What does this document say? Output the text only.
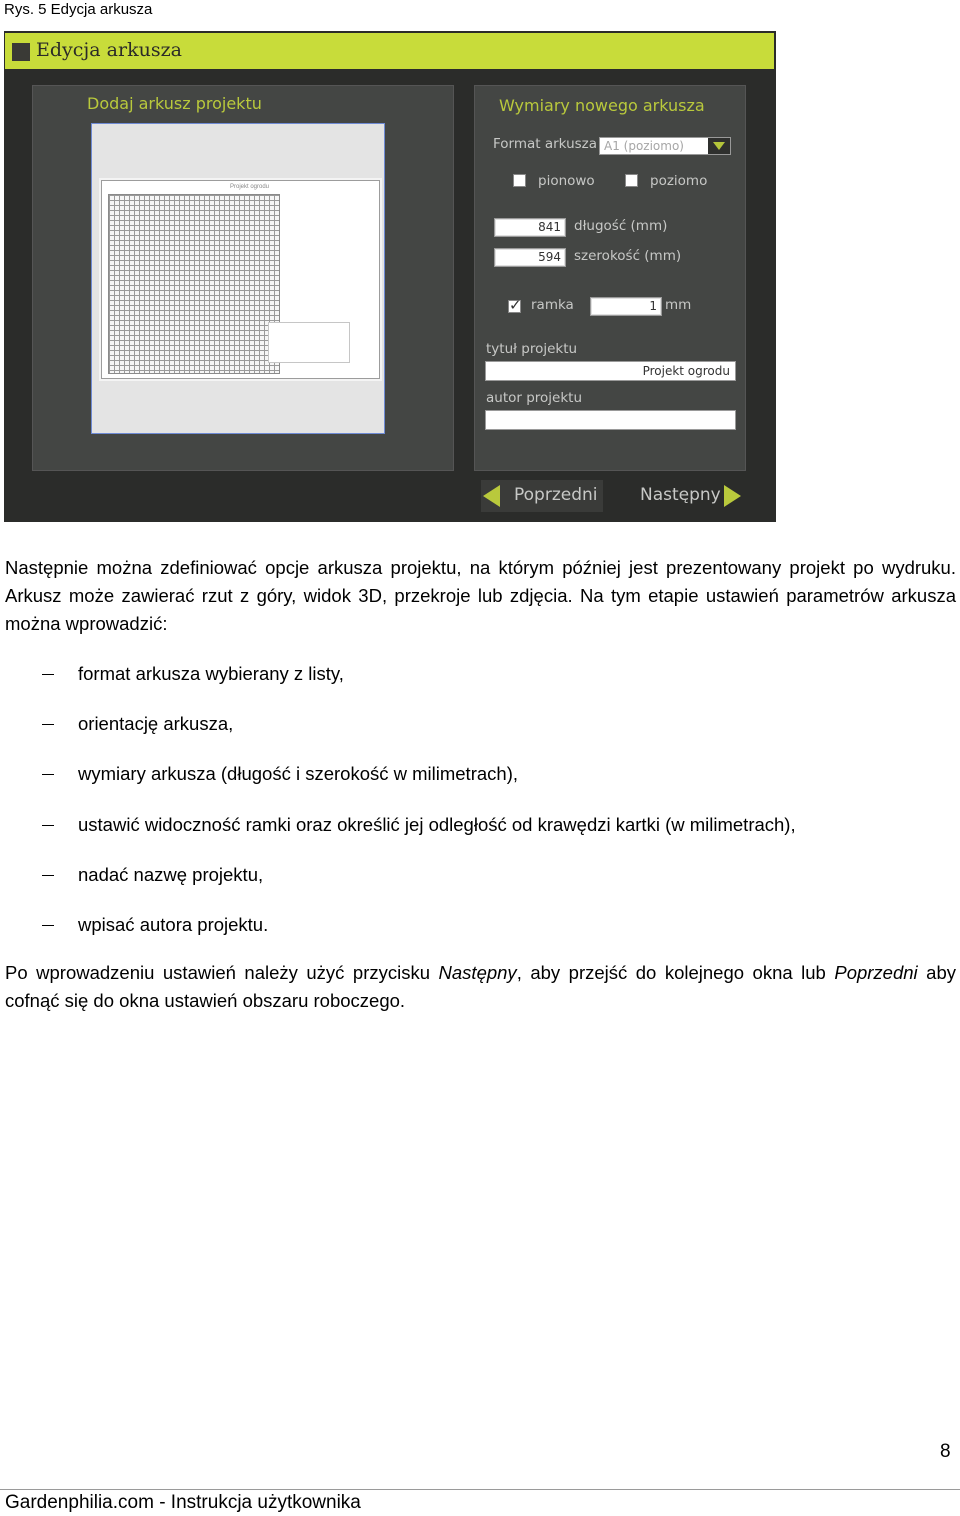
Rys. 5 Edycja arkusza
Edycja arkusza
Dodaj arkusz projektu
Projekt ogrodu
Wymiary nowego arkusza
Format arkusza A1 (poziomo)
pionowo	poziomo
841 długość (mm)
594 szerokość (mm)
✓
ramka	1 mm
tytuł projektu
Projekt ogrodu
autor projektu
Poprzedni	Następny
Następnie można zdefiniować opcje arkusza projektu, na którym później jest prezentowany projekt po wydruku. Arkusz może zawierać rzut z góry, widok 3D, przekroje lub zdjęcia. Na tym etapie ustawień parametrów arkusza można wprowadzić:
format arkusza wybierany z listy,
orientację arkusza,
wymiary arkusza (długość i szerokość w milimetrach),
ustawić widoczność ramki oraz określić jej odległość od krawędzi kartki (w milimetrach),
nadać nazwę projektu,
wpisać autora projektu.
Po wprowadzeniu ustawień należy użyć przycisku Następny, aby przejść do kolejnego okna lub Poprzedni aby cofnąć się do okna ustawień obszaru roboczego.
8
Gardenphilia.com - Instrukcja użytkownika
